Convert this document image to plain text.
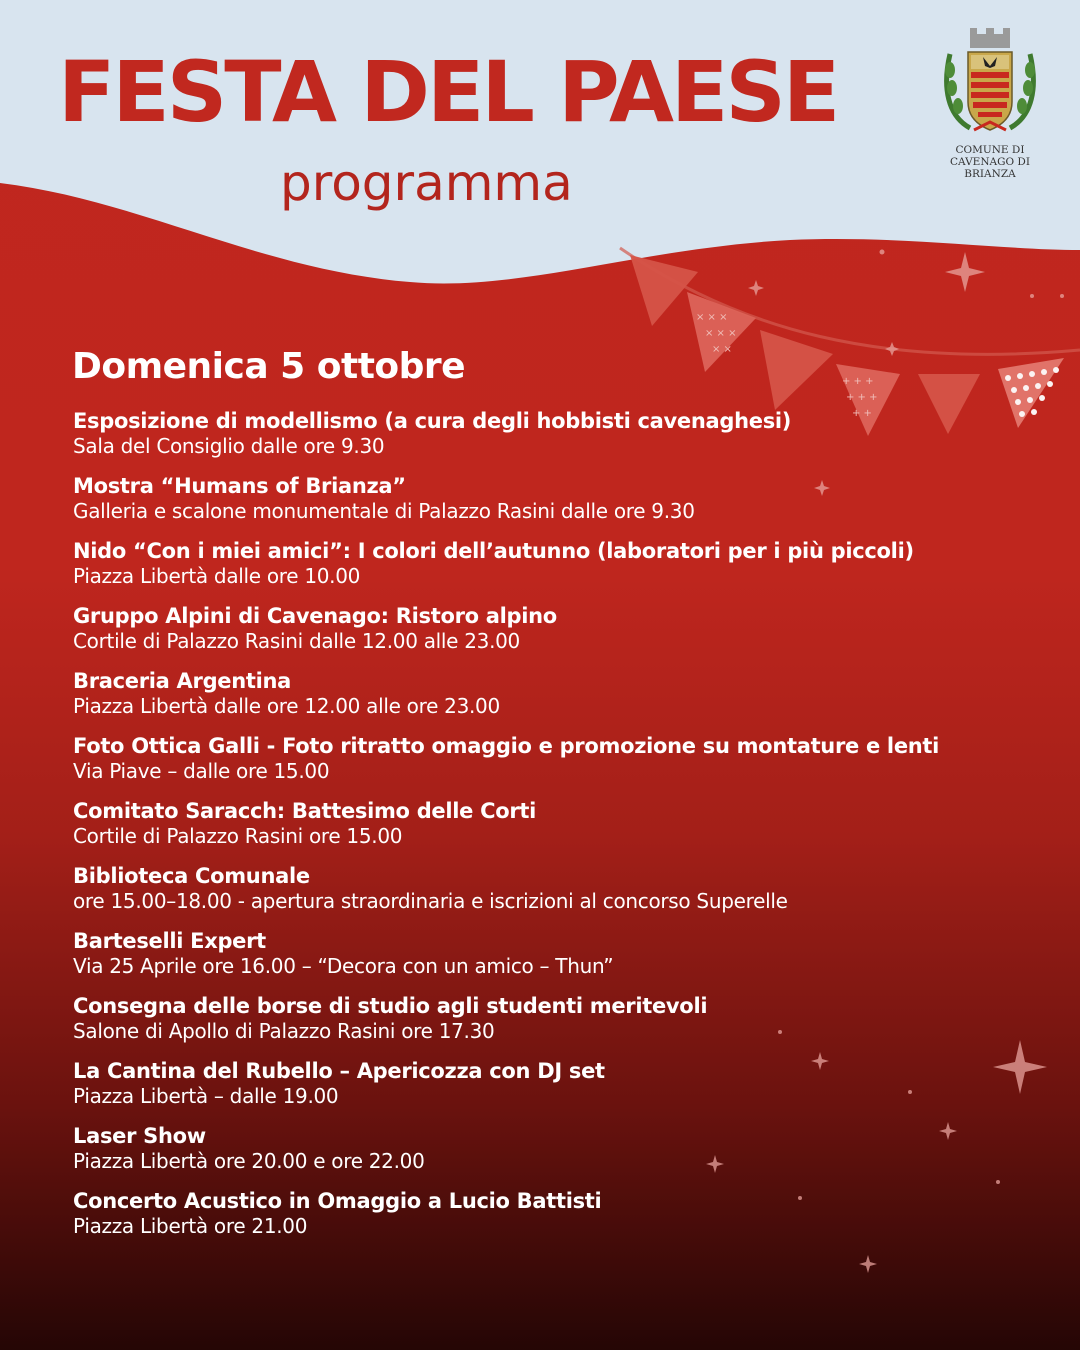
× × ×
× × ×
× ×
+ + +
+ + +
+ +
FESTA DEL PAESE
programma
COMUNE DI
CAVENAGO DI BRIANZA
Domenica 5 ottobre
Esposizione di modellismo (a cura degli hobbisti cavenaghesi)
Sala del Consiglio dalle ore 9.30
Mostra “Humans of Brianza”
Galleria e scalone monumentale di Palazzo Rasini dalle ore 9.30
Nido “Con i miei amici”: I colori dell’autunno (laboratori per i più piccoli)
Piazza Libertà dalle ore 10.00
Gruppo Alpini di Cavenago: Ristoro alpino
Cortile di Palazzo Rasini dalle 12.00 alle 23.00
Braceria Argentina
Piazza Libertà dalle ore 12.00 alle ore 23.00
Foto Ottica Galli - Foto ritratto omaggio e promozione su montature e lenti
Via Piave – dalle ore 15.00
Comitato Saracch: Battesimo delle Corti
Cortile di Palazzo Rasini ore 15.00
Biblioteca Comunale
ore 15.00–18.00 - apertura straordinaria e iscrizioni al concorso Superelle
Barteselli Expert
Via 25 Aprile ore 16.00 – “Decora con un amico – Thun”
Consegna delle borse di studio agli studenti meritevoli
Salone di Apollo di Palazzo Rasini ore 17.30
La Cantina del Rubello – Apericozza con DJ set
Piazza Libertà – dalle 19.00
Laser Show
Piazza Libertà ore 20.00 e ore 22.00
Concerto Acustico in Omaggio a Lucio Battisti
Piazza Libertà ore 21.00
